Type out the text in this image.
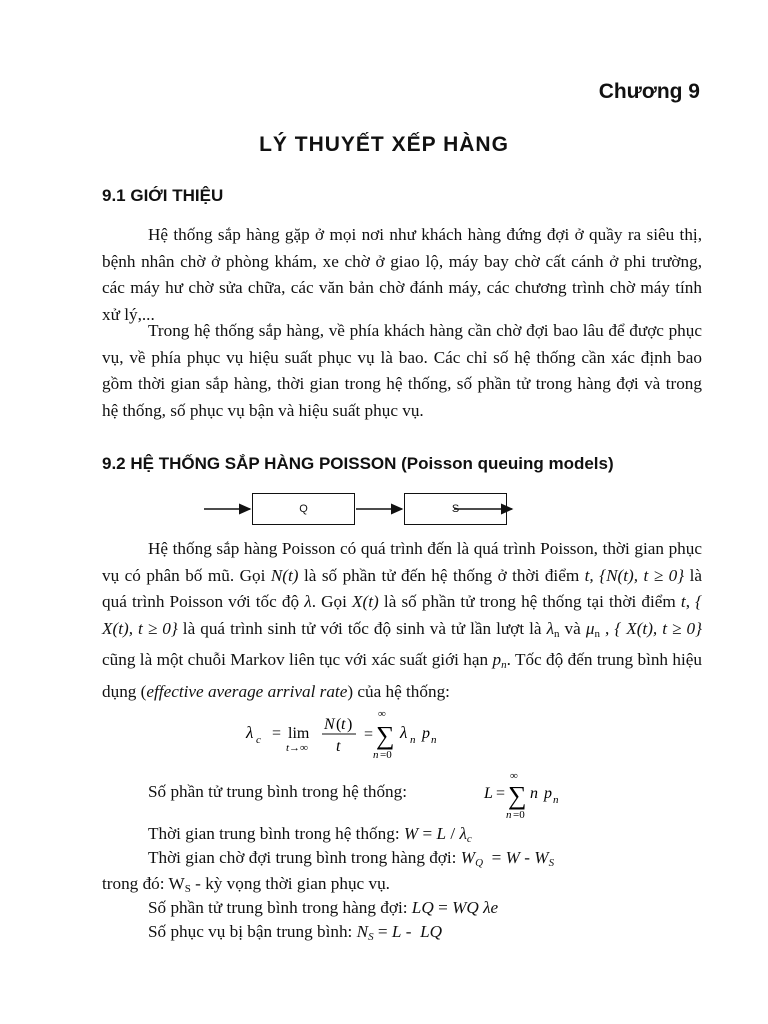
Chương 9
LÝ THUYẾT XẾP HÀNG
9.1 GIỚI THIỆU

Hệ thống sắp hàng gặp ở mọi nơi như khách hàng đứng đợi ở quầy ra siêu thị, bệnh nhân chờ ở phòng khám, xe chờ ở giao lộ, máy bay chờ cất cánh ở phi trường, các máy hư chờ sửa chữa, các văn bản chờ đánh máy, các chương trình chờ máy tính xử lý,...

Trong hệ thống sắp hàng, về phía khách hàng cần chờ đợi bao lâu để được phục vụ, về phía phục vụ hiệu suất phục vụ là bao. Các chỉ số hệ thống cần xác định bao gồm thời gian sắp hàng, thời gian trong hệ thống, số phần tử trong hàng đợi và trong hệ thống, số phục vụ bận và hiệu suất phục vụ.

9.2 HỆ THỐNG SẮP HÀNG POISSON (Poisson queuing models)
Q	S

Hệ thống sắp hàng Poisson có quá trình đến là quá trình Poisson, thời gian phục vụ có phân bố mũ. Gọi N(t) là số phần tử đến hệ thống ở thời điểm t, {N(t), t ≥ 0} là quá trình Poisson với tốc độ λ. Gọi X(t) là số phần tử trong hệ thống tại thời điểm t, { X(t), t ≥ 0} là quá trình sinh tử với tốc độ sinh và tử lần lượt là $\lambda_n$ và $\mu_n$ , { X(t), t ≥ 0} cũng là một chuỗi Markov liên tục với xác suất giới hạn $p_n$. Tốc độ đến trung bình hiệu dụng (effective average arrival rate) của hệ thống:

λ c = lim
t→∞
N ( t )
t
=
∞
∑
n =0
λ n p n
Số phần tử trung bình trong hệ thống:	L =
∞
∑
n =0
n p n
Thời gian trung bình trong hệ thống: $W = L / \lambda_c$
Thời gian chờ đợi trung bình trong hàng đợi: $W_Q = W - W_S$
trong đó: $W_S$ - kỳ vọng thời gian phục vụ.
Số phần tử trung bình trong hàng đợi: LQ = WQ λe
Số phục vụ bị bận trung bình: $N_S = L$ -  LQ
